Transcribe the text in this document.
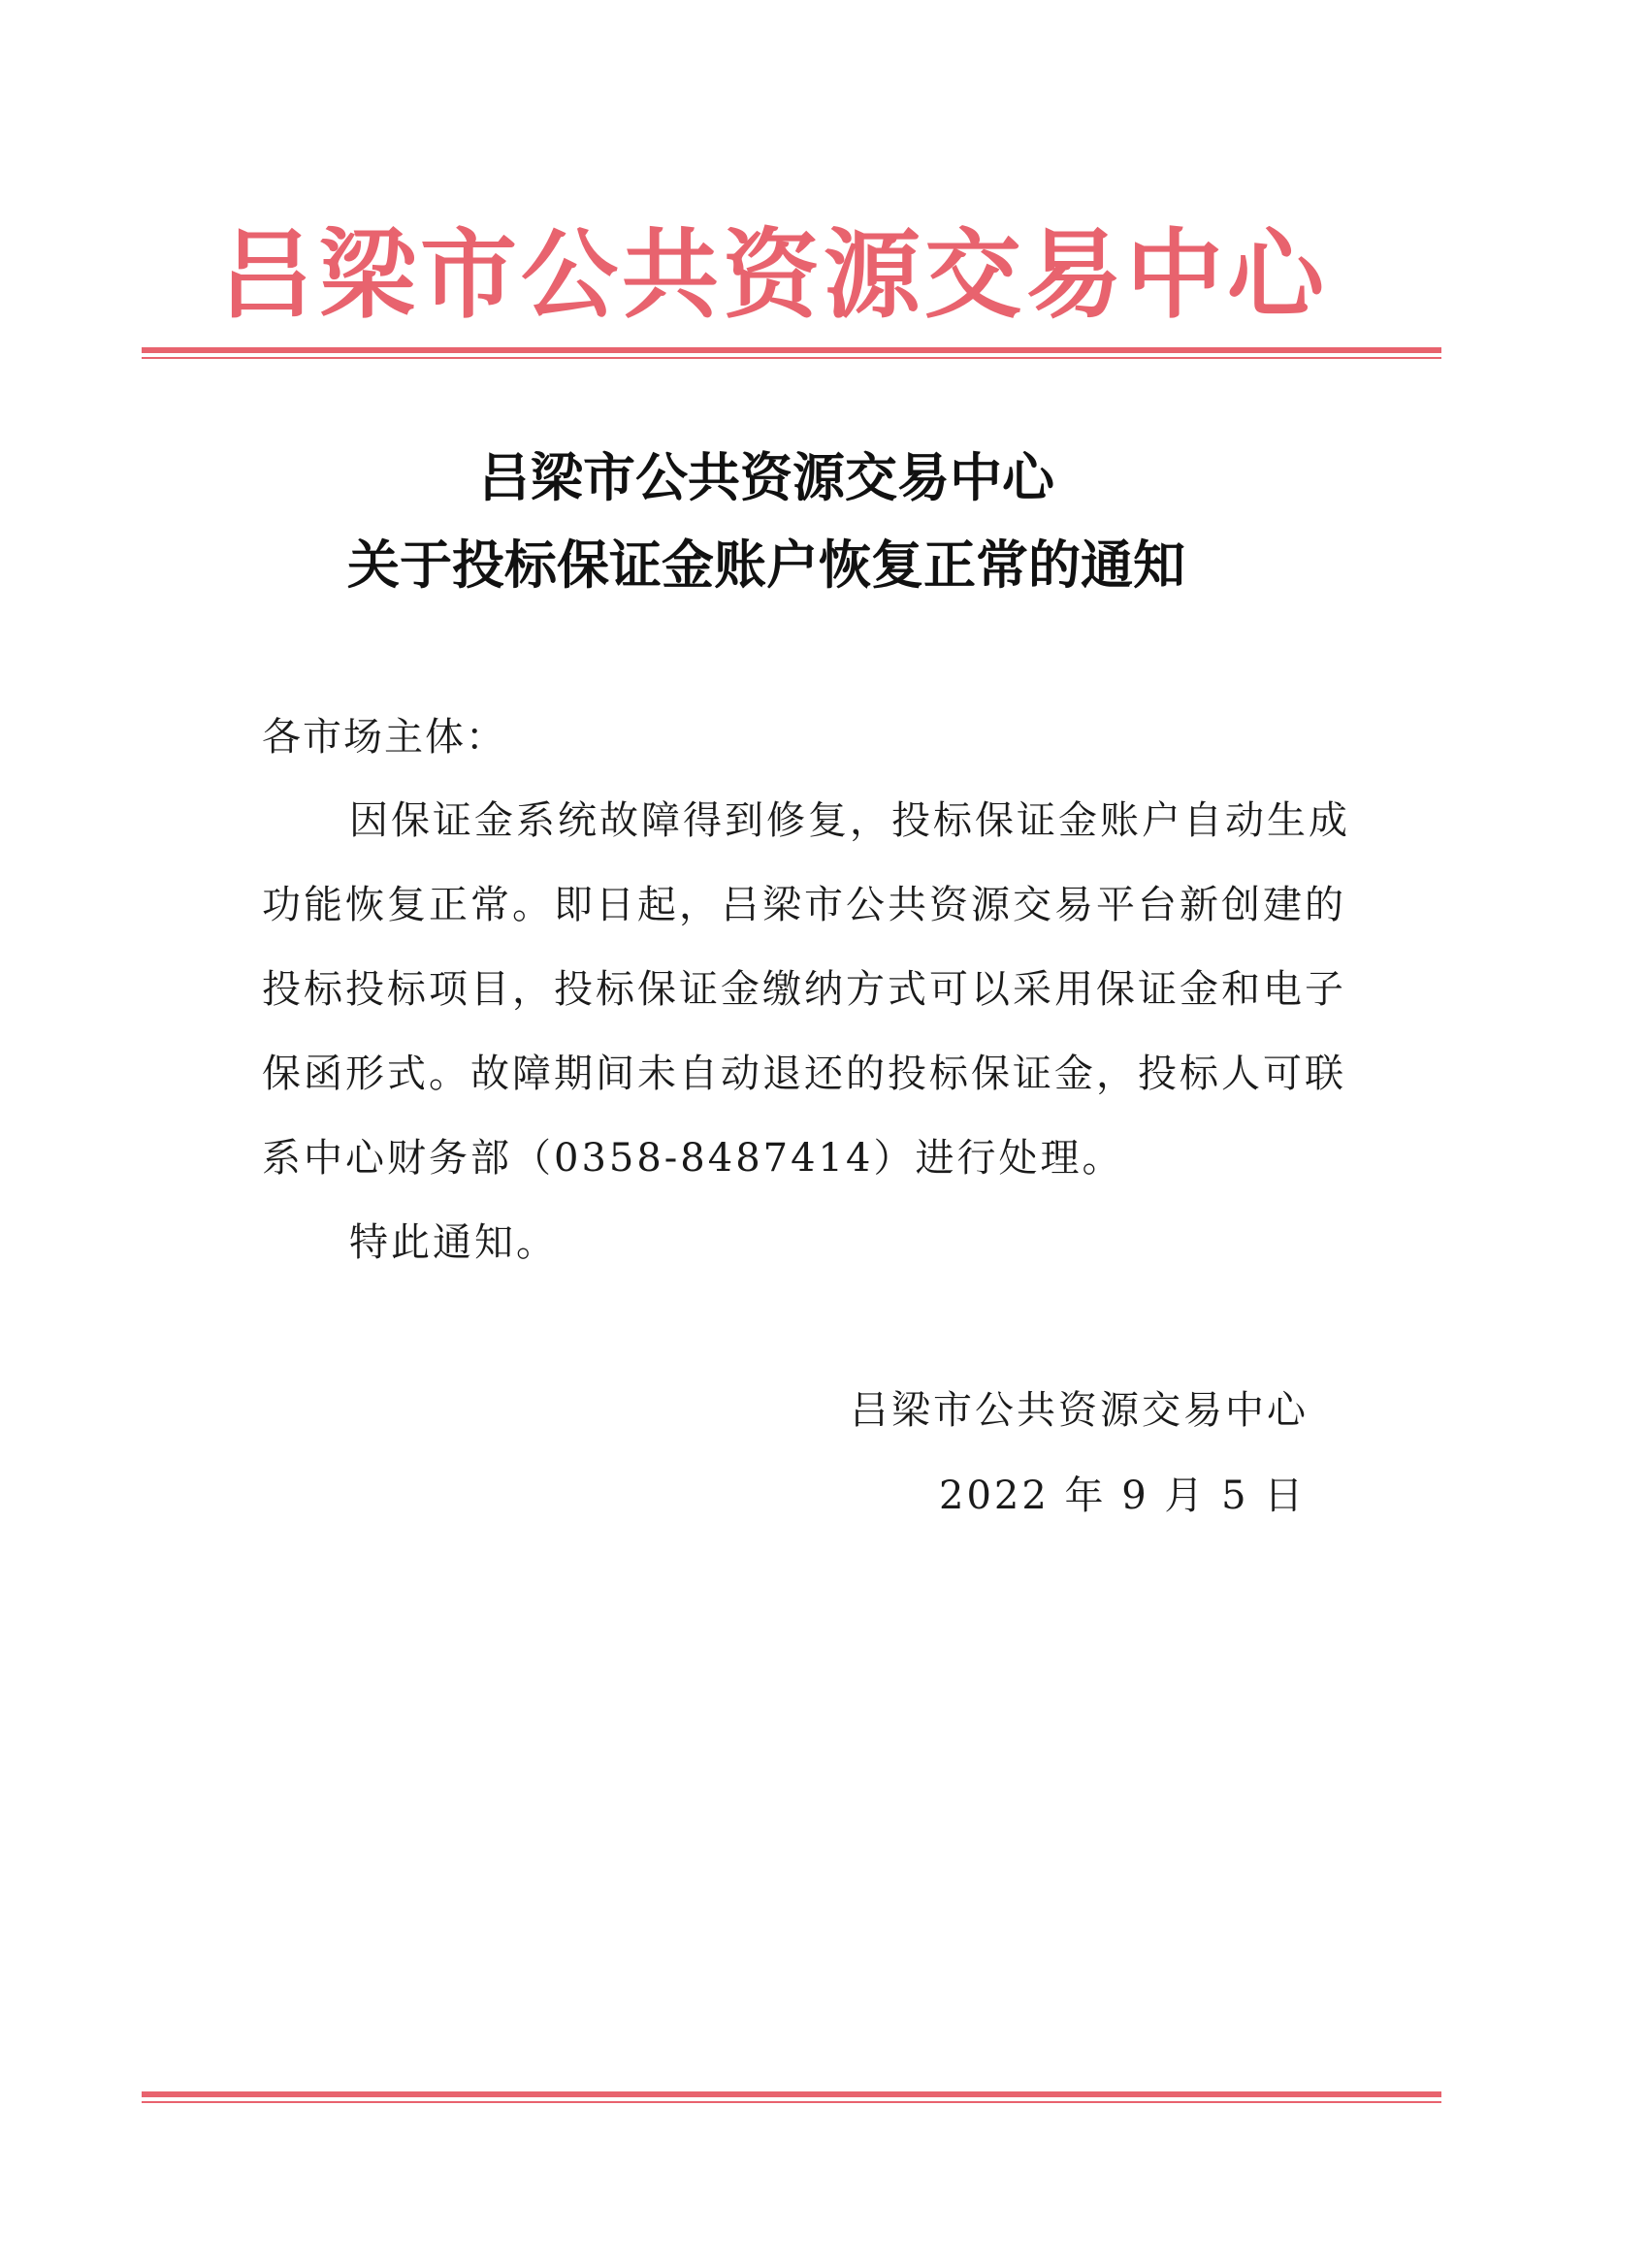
吕梁市公共资源交易中心
吕梁市公共资源交易中心
关于投标保证金账户恢复正常的通知
各市场主体：
因保证金系统故障得到修复，投标保证金账户自动生成
功能恢复正常。即日起，吕梁市公共资源交易平台新创建的
投标投标项目，投标保证金缴纳方式可以采用保证金和电子
保函形式。故障期间未自动退还的投标保证金，投标人可联
系中心财务部（0358-8487414）进行处理。
特此通知。
吕梁市公共资源交易中心
2022 年 9 月 5 日
